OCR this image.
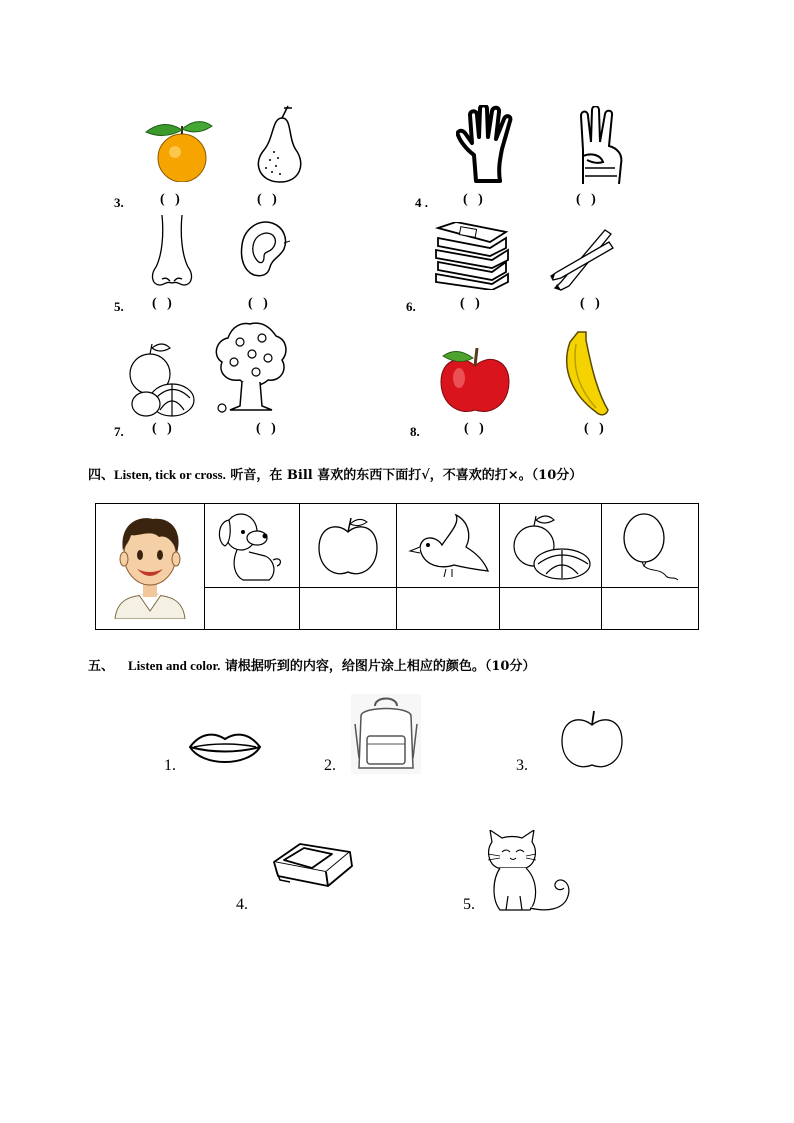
3.	(   )	(   )	4 .	(   )	(   )
5. (   )	(   )	6.	(   )	(   )
7. (   )	(   )	8.	(   )	(   )
四、Listen, tick or cross. 听音，在 Bill 喜欢的东西下面打√，不喜欢的打×。（10分）

五、 Listen and color. 请根据听到的内容，给图片涂上相应的颜色。（10分）
1.	2.	3.
4.	5.
